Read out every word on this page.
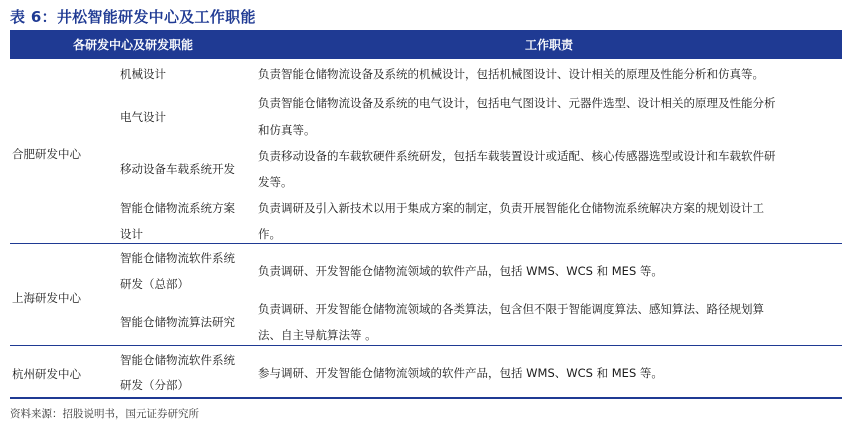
表 6：井松智能研发中心及工作职能
各研发中心及研发职能	工作职责
合肥研发中心
机械设计	负责智能仓储物流设备及系统的机械设计，包括机械图设计、设计相关的原理及性能分析和仿真等。
电气设计
负责智能仓储物流设备及系统的电气设计，包括电气图设计、元器件选型、设计相关的原理及性能分析
和仿真等。
移动设备车载系统开发
负责移动设备的车载软硬件系统研发，包括车载装置设计或适配、核心传感器选型或设计和车载软件研
发等。
智能仓储物流系统方案
设计
负责调研及引入新技术以用于集成方案的制定，负责开展智能化仓储物流系统解决方案的规划设计工
作。
上海研发中心
智能仓储物流软件系统
研发（总部）
负责调研、开发智能仓储物流领域的软件产品，包括 WMS、WCS 和 MES 等。
智能仓储物流算法研究
负责调研、开发智能仓储物流领域的各类算法，包含但不限于智能调度算法、感知算法、路径规划算
法、自主导航算法等 。
杭州研发中心
智能仓储物流软件系统
研发（分部）
参与调研、开发智能仓储物流领域的软件产品，包括 WMS、WCS 和 MES 等。
资料来源：招股说明书，国元证券研究所
